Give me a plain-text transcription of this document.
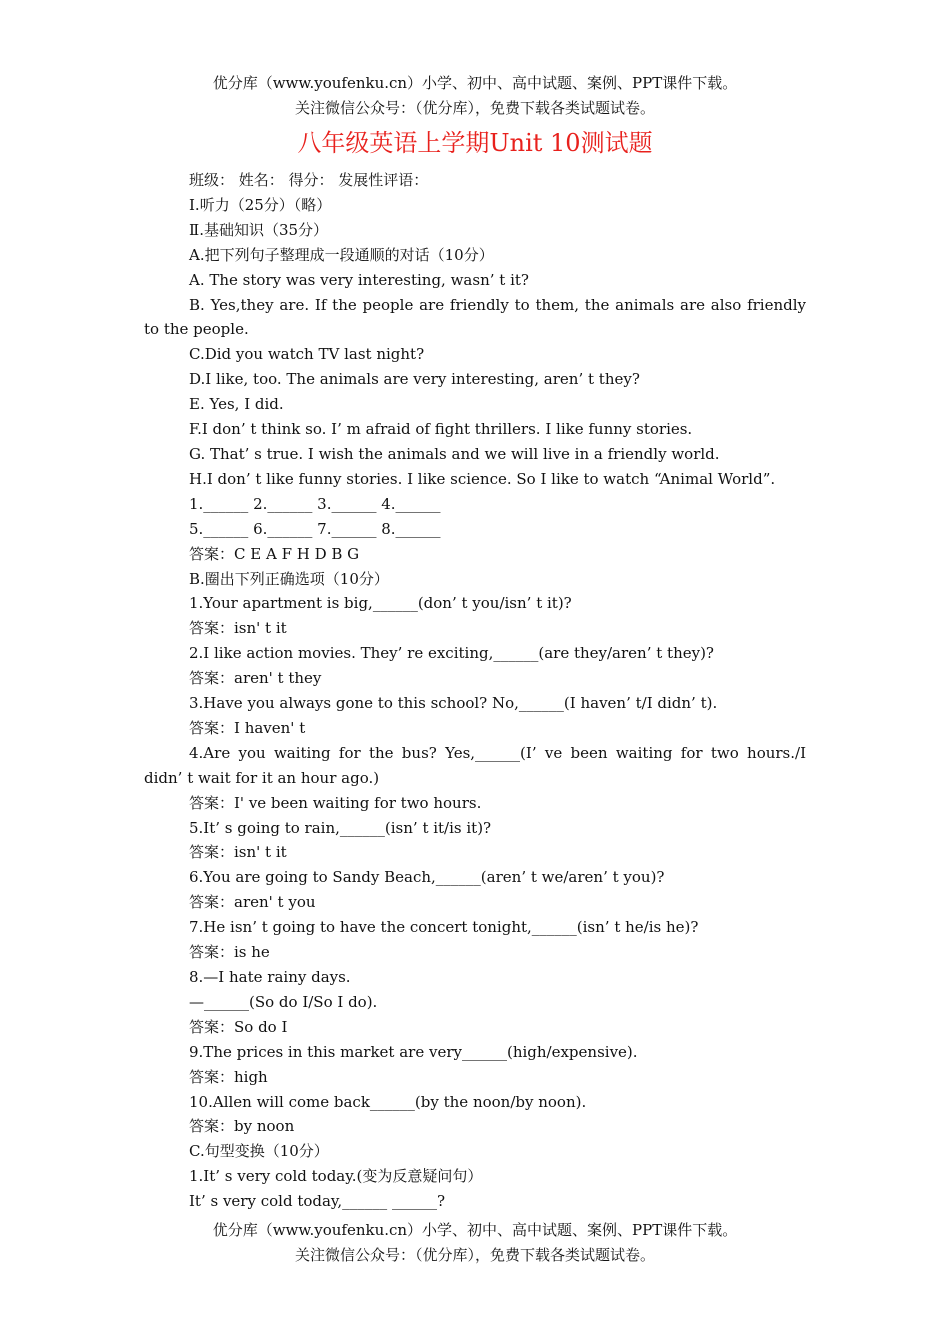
优分库（www.youfenku.cn）小学、初中、高中试题、案例、PPT课件下载。
关注微信公众号：（优分库），免费下载各类试题试卷。
八年级英语上学期Unit 10测试题

班级： 姓名： 得分： 发展性评语：

Ⅰ.听力（25分）（略）

Ⅱ.基础知识（35分）

A.把下列句子整理成一段通顺的对话（10分）

A. The story was very interesting, wasn’ t it?

B. Yes,they are. If the people are friendly to them, the animals are also friendly to the people.

C.Did you watch TV last night?

D.I like, too. The animals are very interesting, aren’ t they?

E. Yes, I did.

F.I don’ t think so. I’ m afraid of fight thrillers. I like funny stories.

G. That’ s true. I wish the animals and we will live in a friendly world.

H.I don’ t like funny stories. I like science. So I like to watch “Animal World”.

1.______ 2.______ 3.______ 4.______

5.______ 6.______ 7.______ 8.______

答案：C E A F H D B G

B.圈出下列正确选项（10分）

1.Your apartment is big,______(don’ t you/isn’ t it)?

答案：isn' t it

2.I like action movies. They’ re exciting,______(are they/aren’ t they)?

答案：aren' t they

3.Have you always gone to this school? No,______(I haven’ t/I didn’ t).

答案：I haven' t

4.Are you waiting for the bus? Yes,______(I’ ve been waiting for two hours./I didn’ t wait for it an hour ago.)

答案：I' ve been waiting for two hours.

5.It’ s going to rain,______(isn’ t it/is it)?

答案：isn' t it

6.You are going to Sandy Beach,______(aren’ t we/aren’ t you)?

答案：aren' t you

7.He isn’ t going to have the concert tonight,______(isn’ t he/is he)?

答案：is he

8.—I hate rainy days.

—______(So do I/So I do).

答案：So do I

9.The prices in this market are very______(high/expensive).

答案：high

10.Allen will come back______(by the noon/by noon).

答案：by noon

C.句型变换（10分）

1.It’ s very cold today.(变为反意疑问句）

It’ s very cold today,______ ______?

优分库（www.youfenku.cn）小学、初中、高中试题、案例、PPT课件下载。
关注微信公众号：（优分库），免费下载各类试题试卷。
